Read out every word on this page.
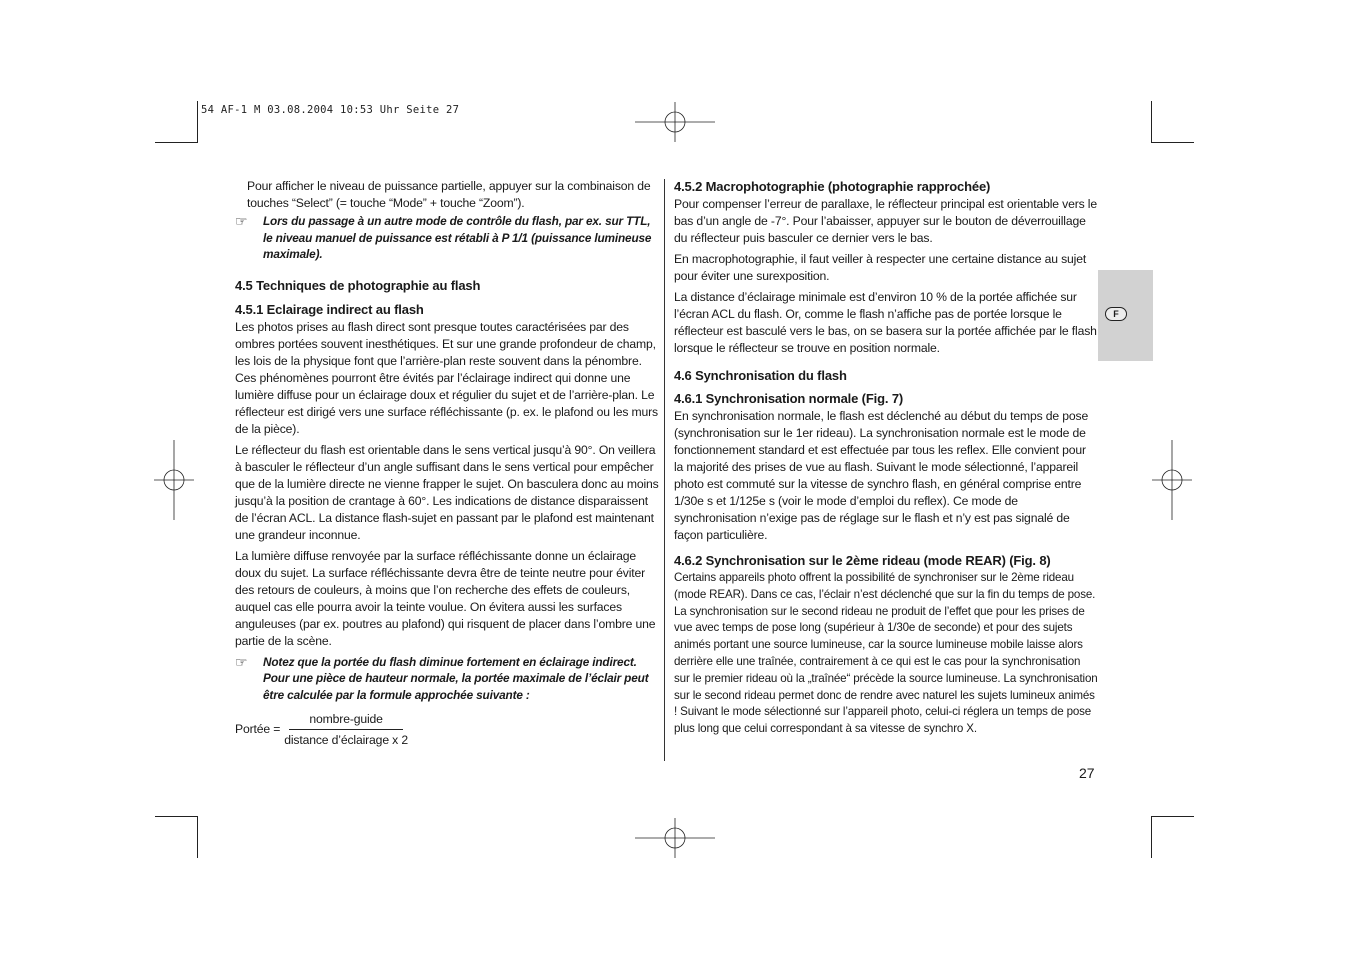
54 AF-1 M 03.08.2004 10:53 Uhr Seite 27
F

Pour afficher le niveau de puissance partielle, appuyer sur la combinaison de touches “Select” (= touche “Mode” + touche “Zoom”).

☞	Lors du passage à un autre mode de contrôle du flash, par ex. sur TTL, le niveau manuel de puissance est rétabli à P 1/1 (puissance lumineuse maximale).
4.5 Techniques de photographie au flash
4.5.1 Eclairage indirect au flash

Les photos prises au flash direct sont presque toutes caractérisées par des ombres portées souvent inesthétiques. Et sur une grande profondeur de champ, les lois de la physique font que l’arrière-plan reste souvent dans la pénombre. Ces phénomènes pourront être évités par l’éclairage indirect qui donne une lumière diffuse pour un éclairage doux et régulier du sujet et de l’arrière-plan. Le réflecteur est dirigé vers une surface réfléchissante (p. ex. le plafond ou les murs de la pièce).

Le réflecteur du flash est orientable dans le sens vertical jusqu’à 90°. On veillera à basculer le réflecteur d’un angle suffisant dans le sens vertical pour empêcher que de la lumière directe ne vienne frapper le sujet. On basculera donc au moins jusqu’à la position de crantage à 60°. Les indications de distance disparaissent de l’écran ACL. La distance flash-sujet en passant par le plafond est maintenant une grandeur inconnue.

La lumière diffuse renvoyée par la surface réfléchissante donne un éclairage doux du sujet. La surface réfléchissante devra être de teinte neutre pour éviter des retours de couleurs, à moins que l’on recherche des effets de couleurs, auquel cas elle pourra avoir la teinte voulue. On évitera aussi les surfaces anguleuses (par ex. poutres au plafond) qui risquent de placer dans l’ombre une partie de la scène.

☞	Notez que la portée du flash diminue fortement en éclairage indirect. Pour une pièce de hauteur normale, la portée maximale de l’éclair peut être calculée par la formule approchée suivante :
Portée = $\frac{\text{nombre-guide}}{\text{distance d’éclairage x 2}}$
4.5.2 Macrophotographie (photographie rapprochée)

Pour compenser l’erreur de parallaxe, le réflecteur principal est orientable vers le bas d’un angle de -7°. Pour l’abaisser, appuyer sur le bouton de déverrouillage du réflecteur puis basculer ce dernier vers le bas.

En macrophotographie, il faut veiller à respecter une certaine distance au sujet pour éviter une surexposition.

La distance d’éclairage minimale est d’environ 10 % de la portée affichée sur l’écran ACL du flash. Or, comme le flash n’affiche pas de portée lorsque le réflecteur est basculé vers le bas, on se basera sur la portée affichée par le flash lorsque le réflecteur se trouve en position normale.

4.6 Synchronisation du flash
4.6.1 Synchronisation normale (Fig. 7)

En synchronisation normale, le flash est déclenché au début du temps de pose (synchronisation sur le 1er rideau). La synchronisation normale est le mode de fonctionnement standard et est effectuée par tous les reflex. Elle convient pour la majorité des prises de vue au flash. Suivant le mode sélectionné, l’appareil photo est commuté sur la vitesse de synchro flash, en général comprise entre 1/30e s et 1/125e s (voir le mode d’emploi du reflex). Ce mode de synchronisation n’exige pas de réglage sur le flash et n’y est pas signalé de façon particulière.

4.6.2 Synchronisation sur le 2ème rideau (mode REAR) (Fig. 8)

Certains appareils photo offrent la possibilité de synchroniser sur le 2ème rideau (mode REAR). Dans ce cas, l’éclair n’est déclenché que sur la fin du temps de pose. La synchronisation sur le second rideau ne produit de l’effet que pour les prises de vue avec temps de pose long (supérieur à 1/30e de seconde) et pour des sujets animés portant une source lumineuse, car la source lumineuse mobile laisse alors derrière elle une traînée, contrairement à ce qui est le cas pour la synchronisation sur le premier rideau où la „traînée“ précède la source lumineuse. La synchronisation sur le second rideau permet donc de rendre avec naturel les sujets lumineux animés ! Suivant le mode sélectionné sur l’appareil photo, celui-ci réglera un temps de pose plus long que celui correspondant à sa vitesse de synchro X.

27
